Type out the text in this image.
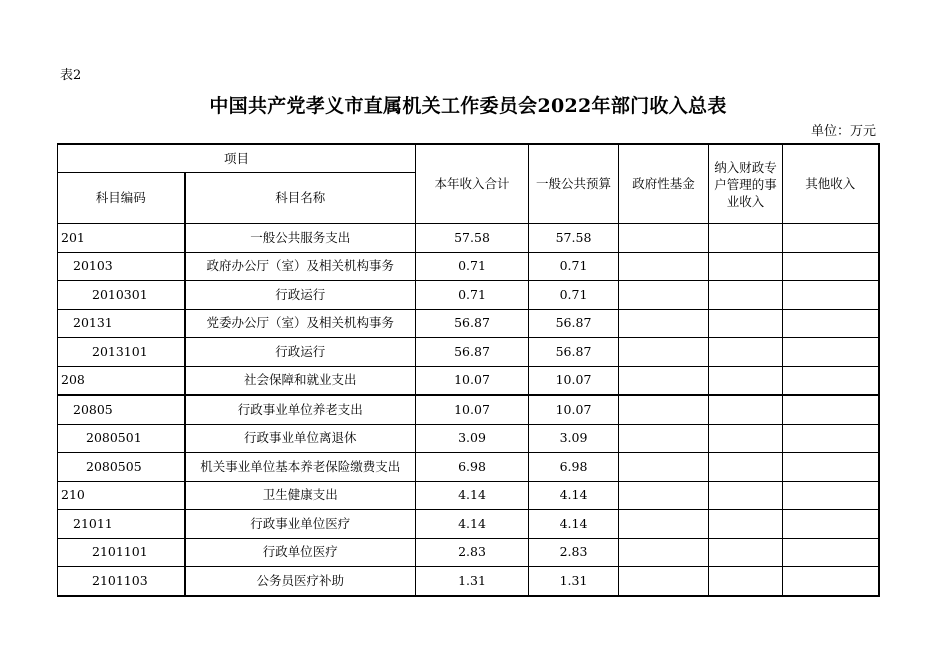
表2
中国共产党孝义市直属机关工作委员会2022年部门收入总表
单位：万元
项目		本年收入合计	一般公共预算	政府性基金	纳入财政专户管理的事业收入	其他收入
科目编码	科目名称					
201	一般公共服务支出	57.58	57.58			
20103	政府办公厅（室）及相关机构事务	0.71	0.71			
2010301	行政运行	0.71	0.71			
20131	党委办公厅（室）及相关机构事务	56.87	56.87			
2013101	行政运行	56.87	56.87			
208	社会保障和就业支出	10.07	10.07			
20805	行政事业单位养老支出	10.07	10.07			
2080501	行政事业单位离退休	3.09	3.09			
2080505	机关事业单位基本养老保险缴费支出	6.98	6.98			
210	卫生健康支出	4.14	4.14			
21011	行政事业单位医疗	4.14	4.14			
2101101	行政单位医疗	2.83	2.83			
2101103	公务员医疗补助	1.31	1.31			
